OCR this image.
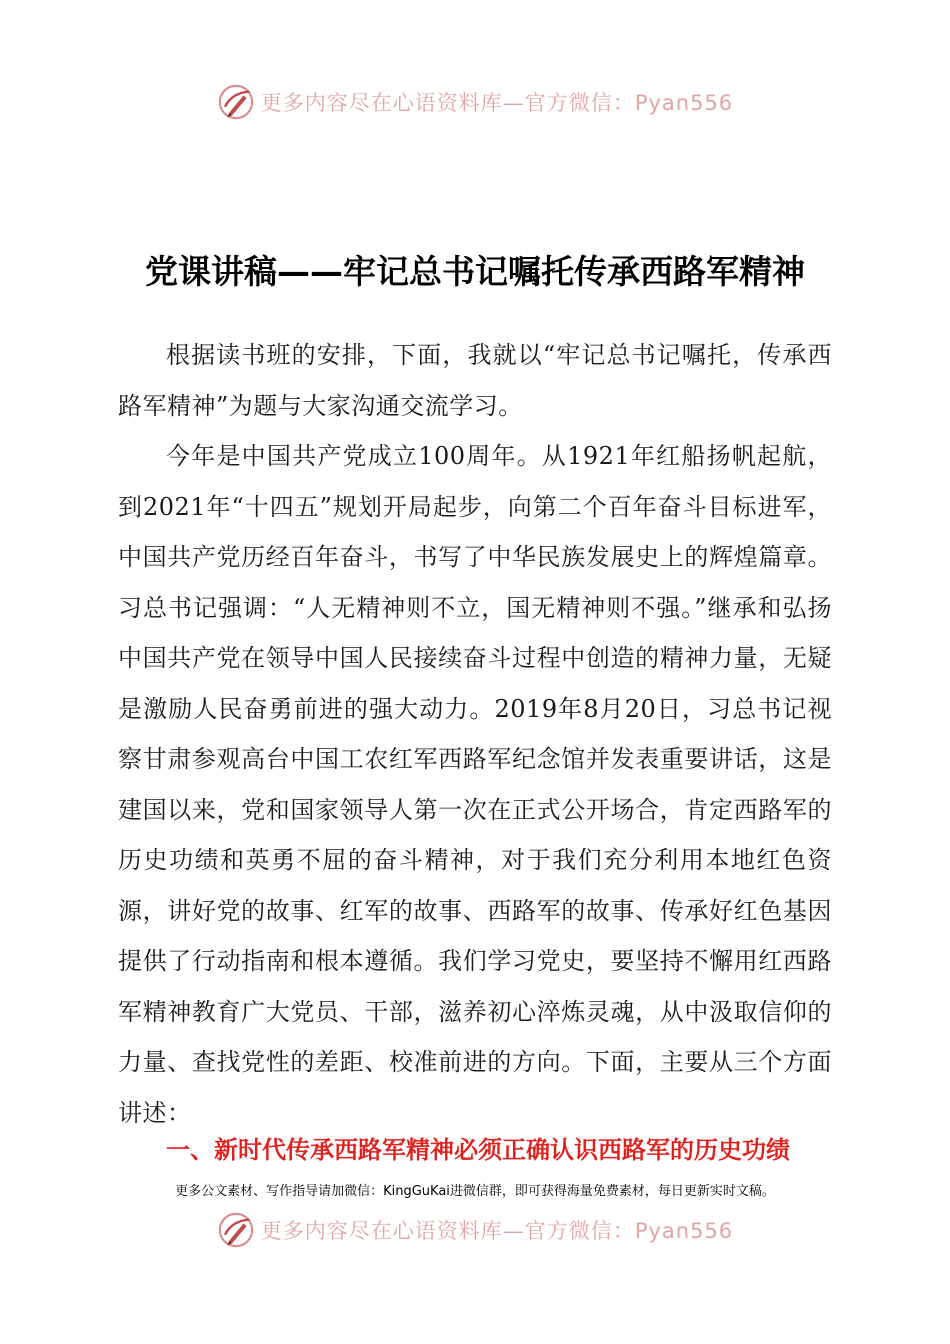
更多内容尽在心语资料库—官方微信：Pyan556
党课讲稿——牢记总书记嘱托传承西路军精神

根据读书班的安排，下面，我就以“牢记总书记嘱托，传承西路军精神”为题与大家沟通交流学习。

今年是中国共产党成立100周年。从1921年红船扬帆起航，到2021年“十四五”规划开局起步，向第二个百年奋斗目标进军，中国共产党历经百年奋斗，书写了中华民族发展史上的辉煌篇章。习总书记强调：“人无精神则不立，国无精神则不强。”继承和弘扬中国共产党在领导中国人民接续奋斗过程中创造的精神力量，无疑是激励人民奋勇前进的强大动力。2019年8月20日，习总书记视察甘肃参观高台中国工农红军西路军纪念馆并发表重要讲话，这是建国以来，党和国家领导人第一次在正式公开场合，肯定西路军的历史功绩和英勇不屈的奋斗精神，对于我们充分利用本地红色资源，讲好党的故事、红军的故事、西路军的故事、传承好红色基因提供了行动指南和根本遵循。我们学习党史，要坚持不懈用红西路军精神教育广大党员、干部，滋养初心淬炼灵魂，从中汲取信仰的力量、查找党性的差距、校准前进的方向。下面，主要从三个方面讲述：

一、新时代传承西路军精神必须正确认识西路军的历史功绩
更多公文素材、写作指导请加微信：KingGuKai进微信群，即可获得海量免费素材，每日更新实时文稿。
更多内容尽在心语资料库—官方微信：Pyan556
